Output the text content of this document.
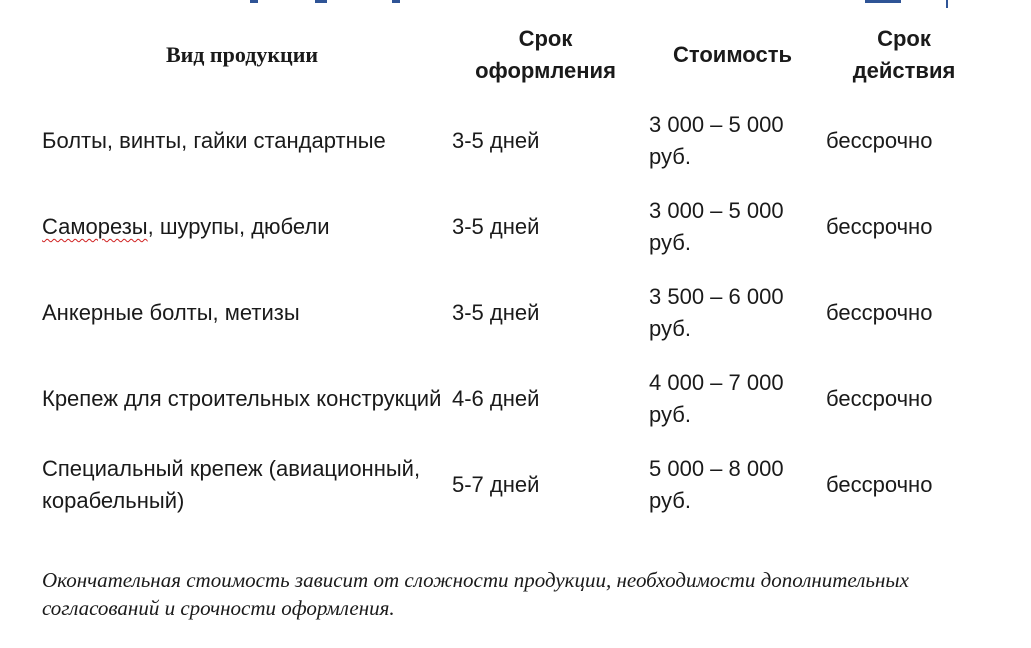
Вид продукции	Срок оформления	Стоимость	Срок действия
Болты, винты, гайки стандартные	3-5 дней	3 000 – 5 000 руб.	бессрочно
Саморезы, шурупы, дюбели	3-5 дней	3 000 – 5 000 руб.	бессрочно
Анкерные болты, метизы	3-5 дней	3 500 – 6 000 руб.	бессрочно
Крепеж для строительных конструкций	4-6 дней	4 000 – 7 000 руб.	бессрочно
Специальный крепеж (авиационный, корабельный)	5-7 дней	5 000 – 8 000 руб.	бессрочно

Окончательная стоимость зависит от сложности продукции, необходимости дополнительных согласований и срочности оформления.
